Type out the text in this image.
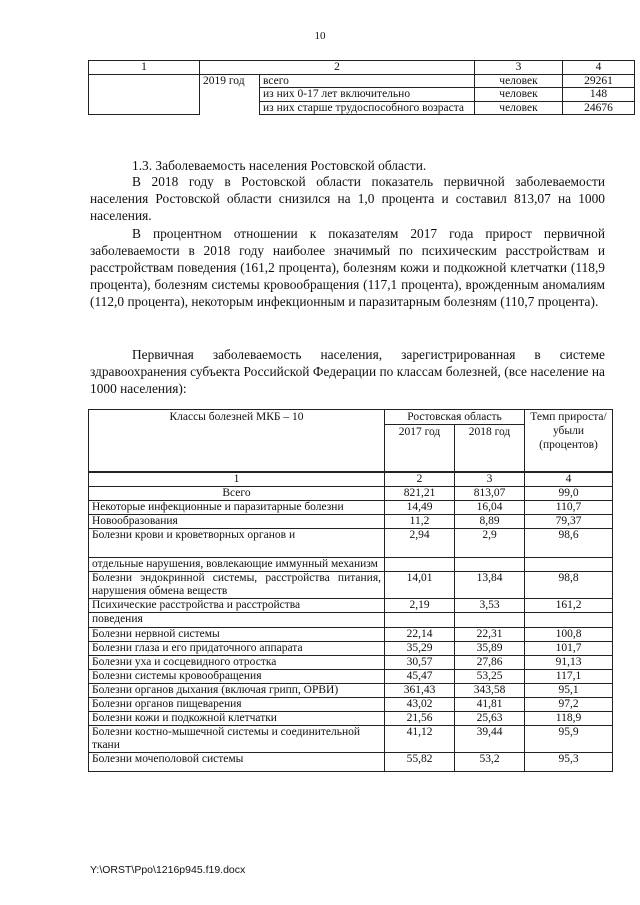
10
1	2		3	4
	2019 год	всего	человек	29261
		из них 0-17 лет включительно	человек	148
		из них старше трудоспособного возраста	человек	24676

1.3. Заболеваемость населения Ростовской области.

В 2018 году в Ростовской области показатель первичной заболеваемости населения Ростовской области снизился на 1,0 процента и составил 813,07 на 1000 населения.

В процентном отношении к показателям 2017 года прирост первичной заболеваемости в 2018 году наиболее значимый по психическим расстройствам и расстройствам поведения (161,2 процента), болезням кожи и подкожной клетчатки (118,9 процента), болезням системы кровообращения (117,1 процента), врожденным аномалиям (112,0 процента), некоторым инфекционным и паразитарным болезням (110,7 процента).

Первичная заболеваемость населения, зарегистрированная в системе здравоохранения субъекта Российской Федерации по классам болезней, (все население на 1000 населения):

Классы болезней МКБ – 10	Ростовская область		Темп прироста/ убыли (процентов)
	2017 год	2018 год	
1	2	3	4
Всего	821,21	813,07	99,0
Некоторые инфекционные и паразитарные болезни	14,49	16,04	110,7
Новообразования	11,2	8,89	79,37
Болезни крови и кроветворных органов и	2,94	2,9	98,6
отдельные нарушения, вовлекающие иммунный механизм			
Болезни эндокринной системы, расстройства питания, нарушения обмена веществ	14,01	13,84	98,8
Психические расстройства и расстройства	2,19	3,53	161,2
поведения			
Болезни нервной системы	22,14	22,31	100,8
Болезни глаза и его придаточного аппарата	35,29	35,89	101,7
Болезни уха и сосцевидного отростка	30,57	27,86	91,13
Болезни системы кровообращения	45,47	53,25	117,1
Болезни органов дыхания (включая грипп, ОРВИ)	361,43	343,58	95,1
Болезни органов пищеварения	43,02	41,81	97,2
Болезни кожи и подкожной клетчатки	21,56	25,63	118,9
Болезни костно-мышечной системы и соединительной ткани	41,12	39,44	95,9
Болезни мочеполовой системы	55,82	53,2	95,3
Y:\ORST\Ppo\1216p945.f19.docx
